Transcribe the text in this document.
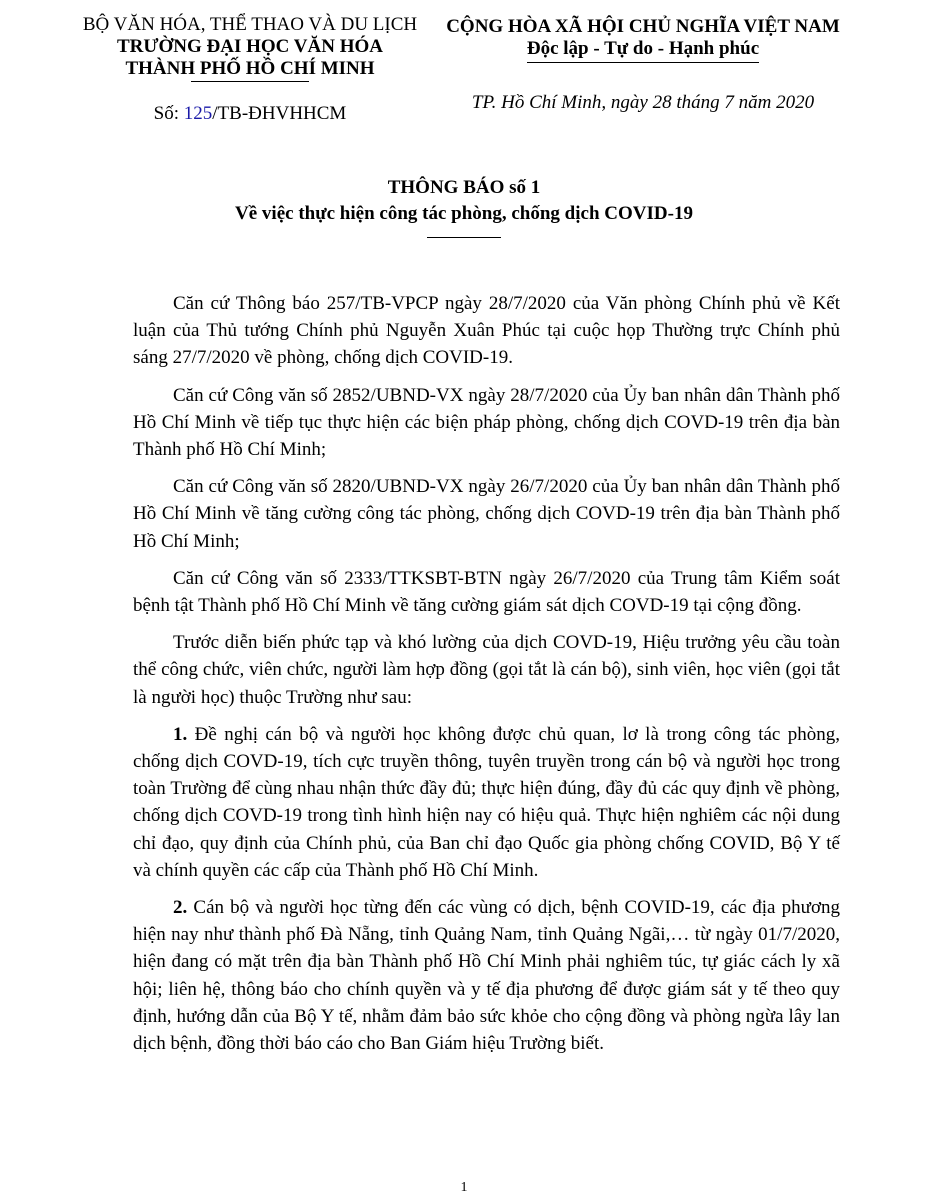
BỘ VĂN HÓA, THỂ THAO VÀ DU LỊCH
TRƯỜNG ĐẠI HỌC VĂN HÓA
THÀNH PHỐ HỒ CHÍ MINH
Số: 125/TB-ĐHVHHCM
CỘNG HÒA XÃ HỘI CHỦ NGHĨA VIỆT NAM
Độc lập - Tự do - Hạnh phúc
TP. Hồ Chí Minh, ngày 28 tháng 7 năm 2020
THÔNG BÁO số 1
Về việc thực hiện công tác phòng, chống dịch COVID-19

Căn cứ Thông báo 257/TB-VPCP ngày 28/7/2020 của Văn phòng Chính phủ về Kết luận của Thủ tướng Chính phủ Nguyễn Xuân Phúc tại cuộc họp Thường trực Chính phủ sáng 27/7/2020 về phòng, chống dịch COVID-19.

Căn cứ Công văn số 2852/UBND-VX ngày 28/7/2020 của Ủy ban nhân dân Thành phố Hồ Chí Minh về tiếp tục thực hiện các biện pháp phòng, chống dịch COVD-19 trên địa bàn Thành phố Hồ Chí Minh;

Căn cứ Công văn số 2820/UBND-VX ngày 26/7/2020 của Ủy ban nhân dân Thành phố Hồ Chí Minh về tăng cường công tác phòng, chống dịch COVD-19 trên địa bàn Thành phố Hồ Chí Minh;

Căn cứ Công văn số 2333/TTKSBT-BTN ngày 26/7/2020 của Trung tâm Kiểm soát bệnh tật Thành phố Hồ Chí Minh về tăng cường giám sát dịch COVD-19 tại cộng đồng.

Trước diễn biến phức tạp và khó lường của dịch COVD-19, Hiệu trưởng yêu cầu toàn thể công chức, viên chức, người làm hợp đồng (gọi tắt là cán bộ), sinh viên, học viên (gọi tắt là người học) thuộc Trường như sau:

1. Đề nghị cán bộ và người học không được chủ quan, lơ là trong công tác phòng, chống dịch COVD-19, tích cực truyền thông, tuyên truyền trong cán bộ và người học trong toàn Trường để cùng nhau nhận thức đầy đủ; thực hiện đúng, đầy đủ các quy định về phòng, chống dịch COVD-19 trong tình hình hiện nay có hiệu quả. Thực hiện nghiêm các nội dung chỉ đạo, quy định của Chính phủ, của Ban chỉ đạo Quốc gia phòng chống COVID, Bộ Y tế và chính quyền các cấp của Thành phố Hồ Chí Minh.

2. Cán bộ và người học từng đến các vùng có dịch, bệnh COVID-19, các địa phương hiện nay như thành phố Đà Nẵng, tỉnh Quảng Nam, tỉnh Quảng Ngãi,… từ ngày 01/7/2020, hiện đang có mặt trên địa bàn Thành phố Hồ Chí Minh phải nghiêm túc, tự giác cách ly xã hội; liên hệ, thông báo cho chính quyền và y tế địa phương để được giám sát y tế theo quy định, hướng dẫn của Bộ Y tế, nhằm đảm bảo sức khỏe cho cộng đồng và phòng ngừa lây lan dịch bệnh, đồng thời báo cáo cho Ban Giám hiệu Trường biết.

1
